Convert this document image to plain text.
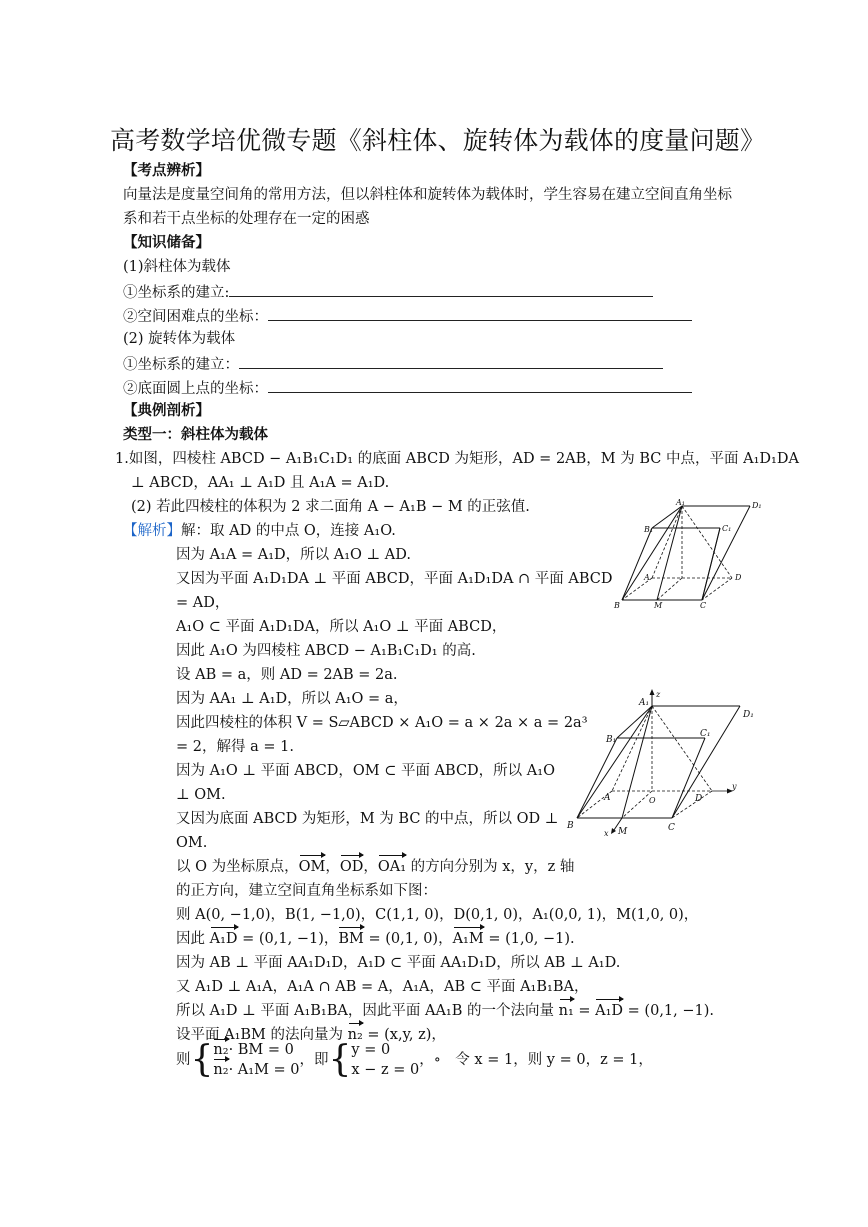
高考数学培优微专题《斜柱体、旋转体为载体的度量问题》
【考点辨析】
向量法是度量空间角的常用方法，但以斜柱体和旋转体为载体时，学生容易在建立空间直角坐标
系和若干点坐标的处理存在一定的困惑
【知识储备】
(1)斜柱体为载体
①坐标系的建立:
②空间困难点的坐标：
(2) 旋转体为载体
①坐标系的建立：
②底面圆上点的坐标：
【典例剖析】
类型一：斜柱体为载体
1.如图，四棱柱 ABCD − A₁B₁C₁D₁ 的底面 ABCD 为矩形，AD = 2AB，M 为 BC 中点，平面 A₁D₁DA
⊥ ABCD，AA₁ ⊥ A₁D 且 A₁A = A₁D.
(2) 若此四棱柱的体积为 2 求二面角 A − A₁B − M 的正弦值.
【解析】解：取 AD 的中点 O，连接 A₁O.
因为 A₁A = A₁D，所以 A₁O ⊥ AD.
又因为平面 A₁D₁DA ⊥ 平面 ABCD，平面 A₁D₁DA ∩ 平面 ABCD
= AD，
A₁O ⊂ 平面 A₁D₁DA，所以 A₁O ⊥ 平面 ABCD，
因此 A₁O 为四棱柱 ABCD − A₁B₁C₁D₁ 的高.
设 AB = a，则 AD = 2AB = 2a.
因为 AA₁ ⊥ A₁D，所以 A₁O = a，
因此四棱柱的体积 V = S▱ABCD × A₁O = a × 2a × a = 2a³
= 2，解得 a = 1.
因为 A₁O ⊥ 平面 ABCD，OM ⊂ 平面 ABCD，所以 A₁O
⊥ OM.
又因为底面 ABCD 为矩形，M 为 BC 的中点，所以 OD ⊥
OM.
以 O 为坐标原点，OM，OD，OA₁ 的方向分别为 x，y，z 轴
的正方向，建立空间直角坐标系如下图：
则 A(0, −1,0)，B(1, −1,0)，C(1,1, 0)，D(0,1, 0)，A₁(0,0, 1)，M(1,0, 0)，
因此 A₁D = (0,1, −1)，BM = (0,1, 0)，A₁M = (1,0, −1).
因为 AB ⊥ 平面 AA₁D₁D，A₁D ⊂ 平面 AA₁D₁D，所以 AB ⊥ A₁D.
又 A₁D ⊥ A₁A，A₁A ∩ AB = A，A₁A，AB ⊂ 平面 A₁B₁BA，
所以 A₁D ⊥ 平面 A₁B₁BA，因此平面 AA₁B 的一个法向量 n₁ = A₁D = (0,1, −1).
设平面 A₁BM 的法向量为 n₂ = (x,y, z)，
则{ n₂· BM = 0
n₂· A₁M = 0
，即{ y = 0
x − z = 0
，∘　令 x = 1，则 y = 0，z = 1，
A₁	D₁
B₁	C₁
A	D
B	M	C
A₁
z
D₁
B₁
C₁
A	O	D
y
B
x M	C
